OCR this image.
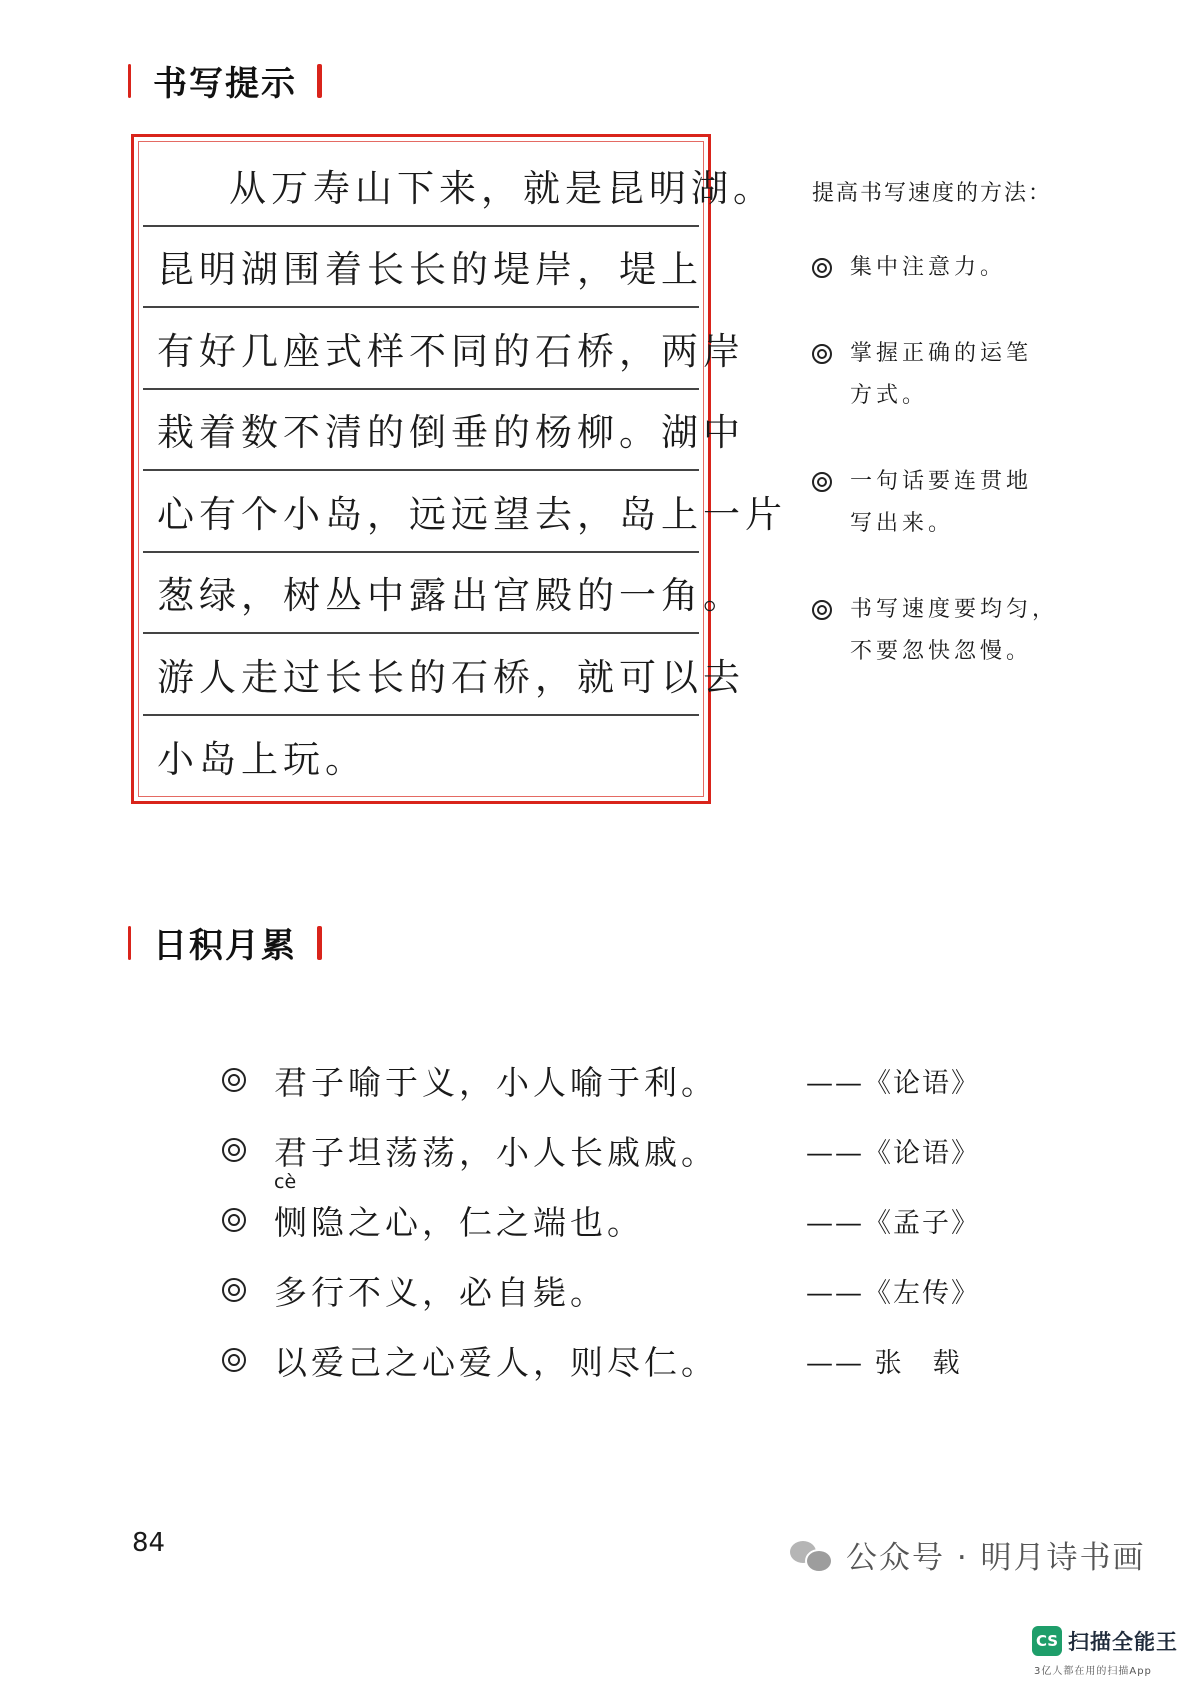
书写提示
从万寿山下来，就是昆明湖。
昆明湖围着长长的堤岸，堤上
有好几座式样不同的石桥，两岸
栽着数不清的倒垂的杨柳。湖中
心有个小岛，远远望去，岛上一片
葱绿，树丛中露出宫殿的一角。
游人走过长长的石桥，就可以去
小岛上玩。
提高书写速度的方法：
集中注意力。
掌握正确的运笔
方式。
一句话要连贯地
写出来。
书写速度要均匀，
不要忽快忽慢。
日积月累
君子喻于义，小人喻于利。	——《论语》
君子坦荡荡，小人长戚戚。	——《论语》
cè
恻隐之心，仁之端也。	——《孟子》
多行不义，必自毙。	——《左传》
以爱己之心爱人，则尽仁。	—— 张　载
84	公众号 · 明月诗书画
CS 扫描全能王
3亿人都在用的扫描App
